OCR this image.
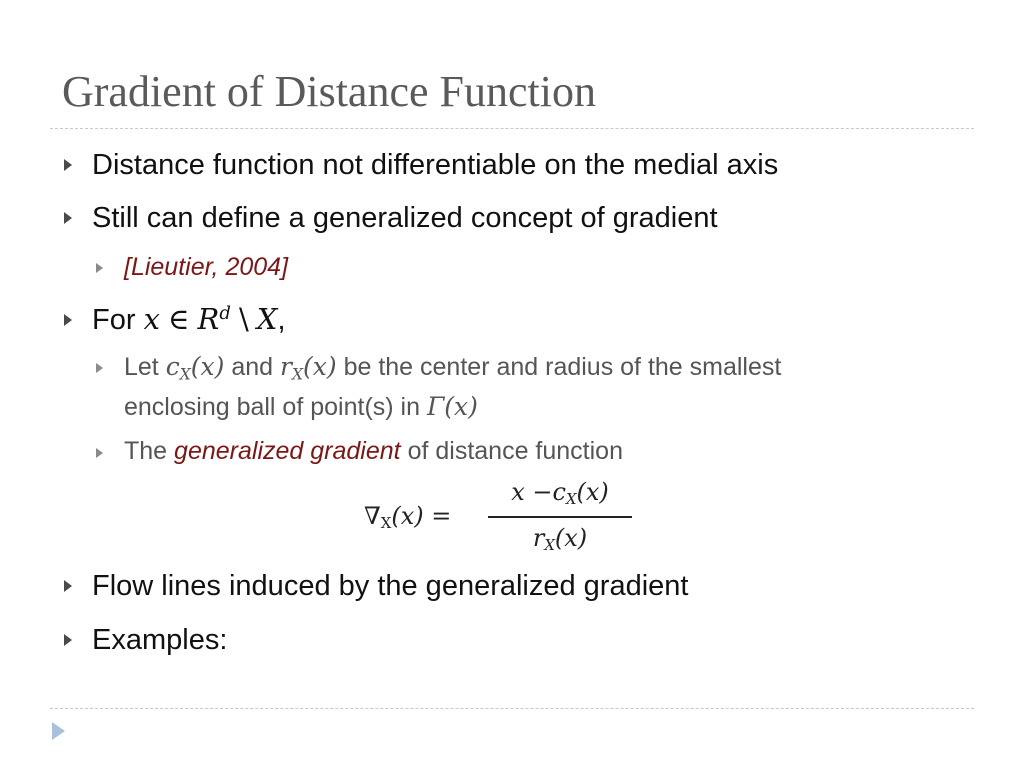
Gradient of Distance Function
Distance function not differentiable on the medial axis
Still can define a generalized concept of gradient
[Lieutier, 2004]
For x ∈ $R^d$ \ X,
Let cX(x) and rX(x) be the center and radius of the smallest
enclosing ball of point(s) in Γ(x)
The generalized gradient of distance function
∇X(x) =
x −cX(x)
rX(x)
Flow lines induced by the generalized gradient
Examples:
